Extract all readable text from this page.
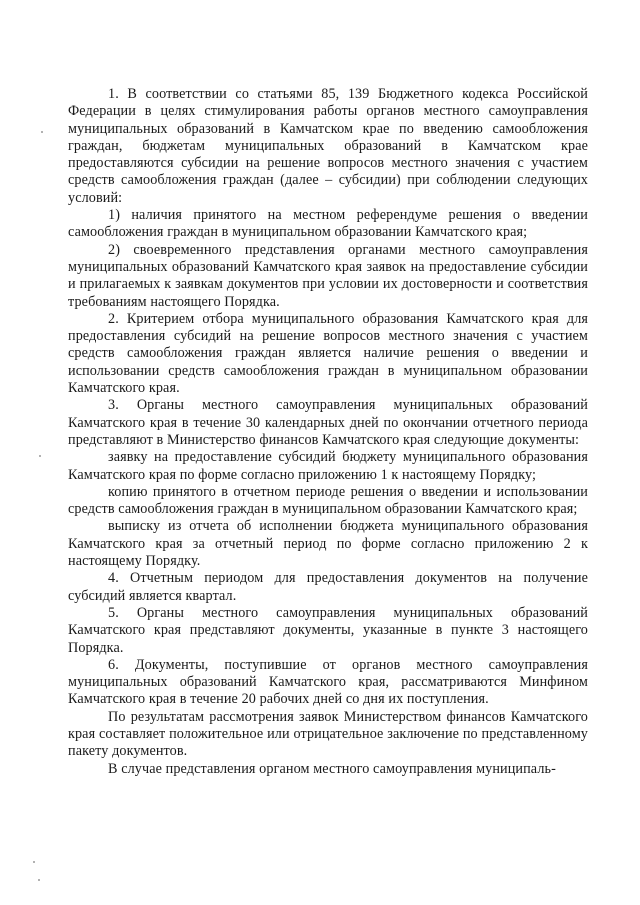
1. В соответствии со статьями 85, 139 Бюджетного кодекса Российской Федерации в целях стимулирования работы органов местного самоуправления муниципальных образований в Камчатском крае по введению самообложения граждан, бюджетам муниципальных образований в Камчатском крае предоставляются субсидии на решение вопросов местного значения с участием средств самообложения граждан (далее – субсидии) при соблюдении следующих условий:

1) наличия принятого на местном референдуме решения о введении самообложения граждан в муниципальном образовании Камчатского края;

2) своевременного представления органами местного самоуправления муниципальных образований Камчатского края заявок на предоставление субсидии и прилагаемых к заявкам документов при условии их достоверности и соответствия требованиям настоящего Порядка.

2. Критерием отбора муниципального образования Камчатского края для предоставления субсидий на решение вопросов местного значения с участием средств самообложения граждан является наличие решения о введении и использовании средств самообложения граждан в муниципальном образовании Камчатского края.

3. Органы местного самоуправления муниципальных образований Камчатского края в течение 30 календарных дней по окончании отчетного периода представляют в Министерство финансов Камчатского края следующие документы:

заявку на предоставление субсидий бюджету муниципального образования Камчатского края по форме согласно приложению 1 к настоящему Порядку;

копию принятого в отчетном периоде решения о введении и использовании средств самообложения граждан в муниципальном образовании Камчатского края;

выписку из отчета об исполнении бюджета муниципального образования Камчатского края за отчетный период по форме согласно приложению 2 к настоящему Порядку.

4. Отчетным периодом для предоставления документов на получение субсидий является квартал.

5. Органы местного самоуправления муниципальных образований Камчатского края представляют документы, указанные в пункте 3 настоящего Порядка.

6. Документы, поступившие от органов местного самоуправления муниципальных образований Камчатского края, рассматриваются Минфином Камчатского края в течение 20 рабочих дней со дня их поступления.

По результатам рассмотрения заявок Министерством финансов Камчатского края составляет положительное или отрицательное заключение по представленному пакету документов.

В случае представления органом местного самоуправления муниципаль-
